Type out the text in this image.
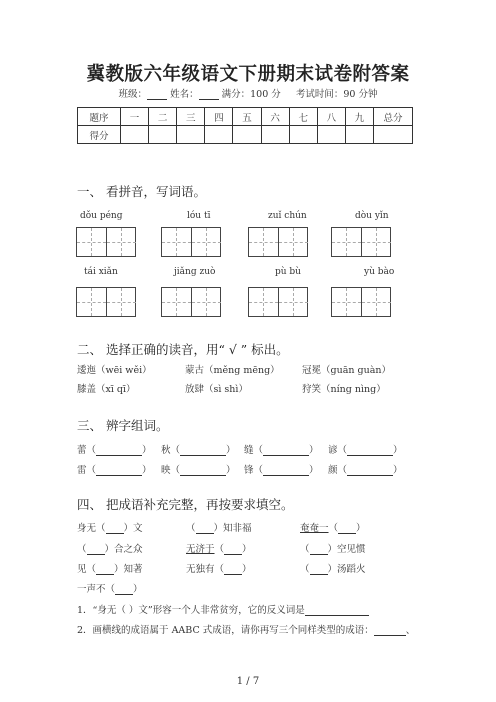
冀教版六年级语文下册期末试卷附答案
班级： 姓名： 满分：100 分 考试时间：90 分钟
题序	一	二	三	四	五	六	七	八	九	总分
得分										
一、 看拼音，写词语。
dǒu péng	lóu tī	zuǐ chún	dòu yǐn
tái xiǎn	jiǎng zuò	pù bù	yù bào
二、 选择正确的读音，用“ √ ” 标出。
逶迤（wēi wěi）	蒙古（měng mēng） 冠冕（guān guàn）
膝盖（xī qī）	放肆（sì shì）	狩笑（níng nìng）
三、 辨字组词。
蕾（	） 秋（	） 缝（	） 谚（	）
雷（	） 映（	） 锋（	） 颜（	）
四、 把成语补充完整，再按要求填空。
身无（ ）文	（ ）知非福	奄奄一（ ）
（ ）合之众	无济于（ ）	（ ）空见惯
见（ ）知著	无独有（ ）	（ ）汤蹈火
一声不（ ）
1．“身无（ ）文”形容一个人非常贫穷，它的反义词是
2．画横线的成语属于 AABC 式成语，请你再写三个同样类型的成语：	、
1 / 7
